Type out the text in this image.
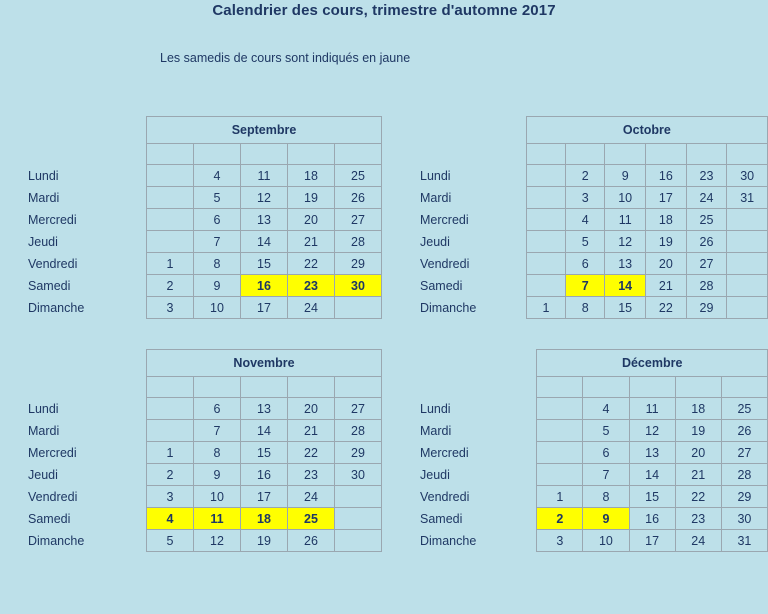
Calendrier des cours, trimestre d'automne 2017
Les samedis de cours sont indiqués en jaune
	Septembre				

Lundi		4	11	18	25
Mardi		5	12	19	26
Mercredi		6	13	20	27
Jeudi		7	14	21	28
Vendredi	1	8	15	22	29
Samedi	2	9	16	23	30
Dimanche	3	10	17	24	
	Octobre					

Lundi		2	9	16	23	30
Mardi		3	10	17	24	31
Mercredi		4	11	18	25	
Jeudi		5	12	19	26	
Vendredi		6	13	20	27	
Samedi		7	14	21	28	
Dimanche	1	8	15	22	29	
	Novembre				

Lundi		6	13	20	27
Mardi		7	14	21	28
Mercredi	1	8	15	22	29
Jeudi	2	9	16	23	30
Vendredi	3	10	17	24	
Samedi	4	11	18	25	
Dimanche	5	12	19	26	
	Décembre				

Lundi		4	11	18	25
Mardi		5	12	19	26
Mercredi		6	13	20	27
Jeudi		7	14	21	28
Vendredi	1	8	15	22	29
Samedi	2	9	16	23	30
Dimanche	3	10	17	24	31
